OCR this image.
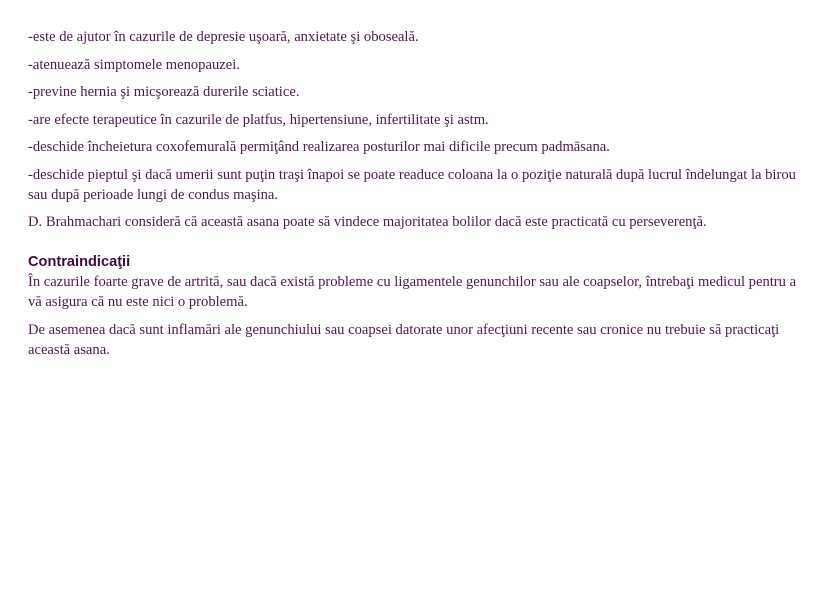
-este de ajutor în cazurile de depresie uşoară, anxietate şi oboseală.

-atenuează simptomele menopauzei.

-previne hernia şi micşorează durerile sciatice.

-are efecte terapeutice în cazurile de platfus, hipertensiune, infertilitate şi astm.

-deschide încheietura coxofemurală permiţând realizarea posturilor mai dificile precum padmāsana.

-deschide pieptul şi dacă umerii sunt puţin traşi înapoi se poate readuce coloana la o poziţie naturală după lucrul îndelungat la birou sau după perioade lungi de condus maşina.

D. Brahmachari consideră că această asana poate să vindece majoritatea bolilor dacă este practicată cu perseverenţă.

Contraindicaţii

În cazurile foarte grave de artrită, sau dacă există probleme cu ligamentele genunchilor sau ale coapselor, întrebaţi medicul pentru a vă asigura că nu este nici o problemă.

De asemenea dacă sunt inflamări ale genunchiului sau coapsei datorate unor afecţiuni recente sau cronice nu trebuie să practicaţi această asana.
